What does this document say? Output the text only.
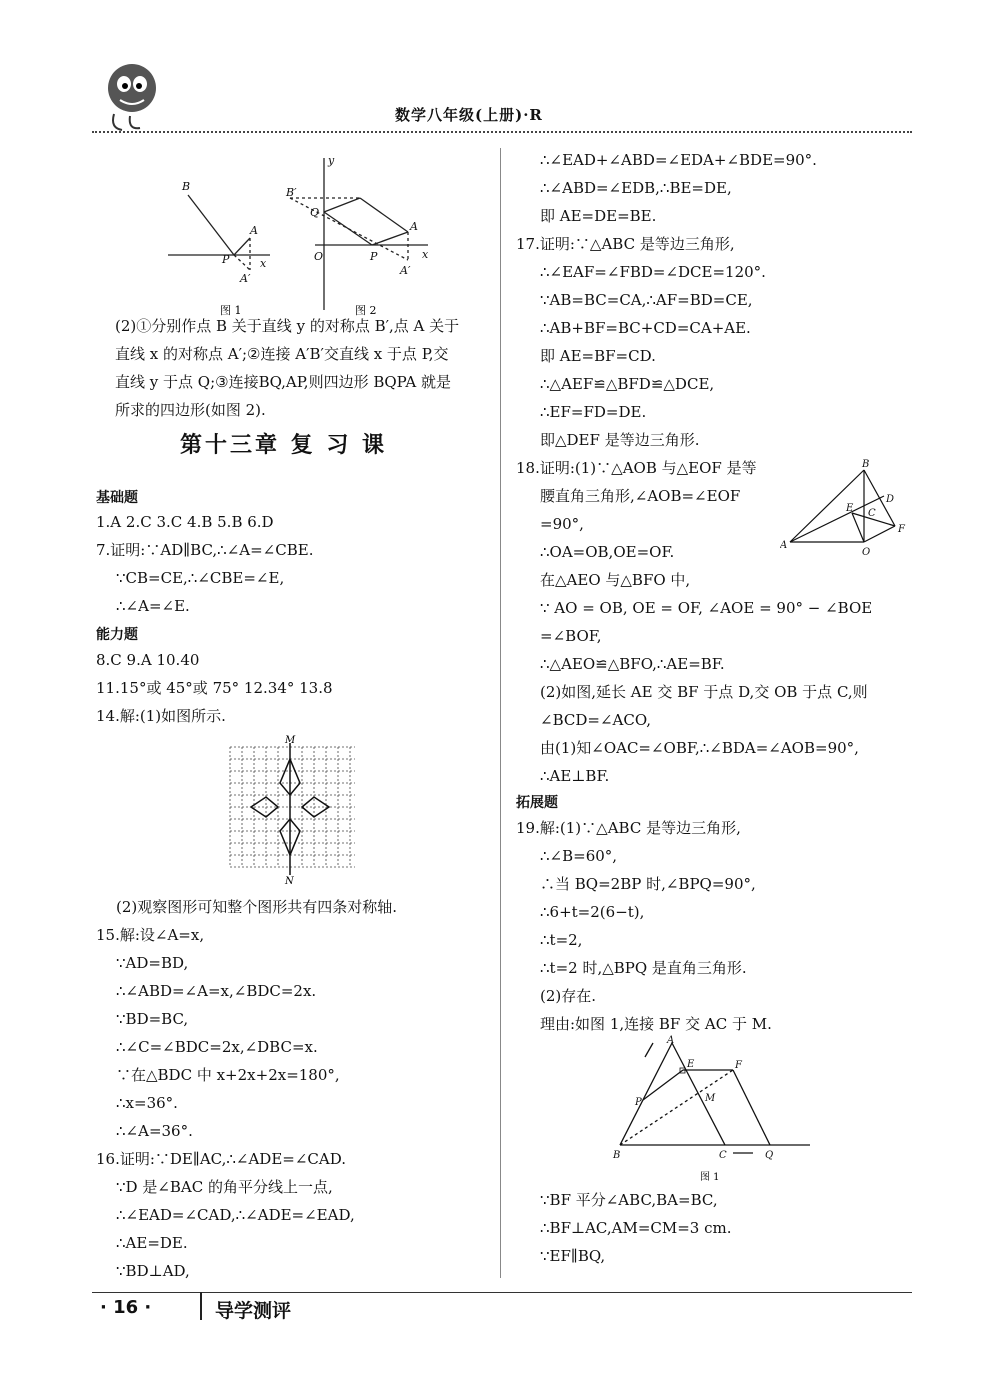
数学八年级(上册)·R
B
A
P	x
A′
y
B′
Q
O	P
A
x
A′
图 1	图 2
(2)①分别作点 B 关于直线 y 的对称点 B′,点 A 关于
直线 x 的对称点 A′;②连接 A′B′交直线 x 于点 P,交
直线 y 于点 Q;③连接BQ,AP,则四边形 BQPA 就是
所求的四边形(如图 2).
第十三章 复 习 课
基础题
1.A 2.C 3.C 4.B 5.B 6.D
7.证明:∵AD∥BC,∴∠A=∠CBE.
∵CB=CE,∴∠CBE=∠E,
∴∠A=∠E.
能力题
8.C 9.A 10.40
11.15°或 45°或 75° 12.34° 13.8
14.解:(1)如图所示.
M
N
(2)观察图形可知整个图形共有四条对称轴.
15.解:设∠A=x,
∵AD=BD,
∴∠ABD=∠A=x,∠BDC=2x.
∵BD=BC,
∴∠C=∠BDC=2x,∠DBC=x.
∵在△BDC 中 x+2x+2x=180°,
∴x=36°.
∴∠A=36°.
16.证明:∵DE∥AC,∴∠ADE=∠CAD.
∵D 是∠BAC 的角平分线上一点,
∴∠EAD=∠CAD,∴∠ADE=∠EAD,
∴AE=DE.
∵BD⊥AD,
∴∠EAD+∠ABD=∠EDA+∠BDE=90°.
∴∠ABD=∠EDB,∴BE=DE,
即 AE=DE=BE.
17.证明:∵△ABC 是等边三角形,
∴∠EAF=∠FBD=∠DCE=120°.
∵AB=BC=CA,∴AF=BD=CE,
∴AB+BF=BC+CD=CA+AE.
即 AE=BF=CD.
∴△AEF≌△BFD≌△DCE,
∴EF=FD=DE.
即△DEF 是等边三角形.
18.证明:(1)∵△AOB 与△EOF 是等
腰直角三角形,∠AOB=∠EOF
=90°,
B
A
O
D
E C
F
∴OA=OB,OE=OF.
在△AEO 与△BFO 中,
∵ AO = OB, OE = OF, ∠AOE = 90° − ∠BOE
=∠BOF,
∴△AEO≌△BFO,∴AE=BF.
(2)如图,延长 AE 交 BF 于点 D,交 OB 于点 C,则
∠BCD=∠ACO,
由(1)知∠OAC=∠OBF,∴∠BDA=∠AOB=90°,
∴AE⊥BF.
拓展题
19.解:(1)∵△ABC 是等边三角形,
∴∠B=60°,
∴当 BQ=2BP 时,∠BPQ=90°,
∴6+t=2(6−t),
∴t=2,
∴t=2 时,△BPQ 是直角三角形.
(2)存在.
理由:如图 1,连接 BF 交 AC 于 M.
A
E	F
P	M
B	C	Q
图 1
∵BF 平分∠ABC,BA=BC,
∴BF⊥AC,AM=CM=3 cm.
∵EF∥BQ,
· 16 ·	导学测评
